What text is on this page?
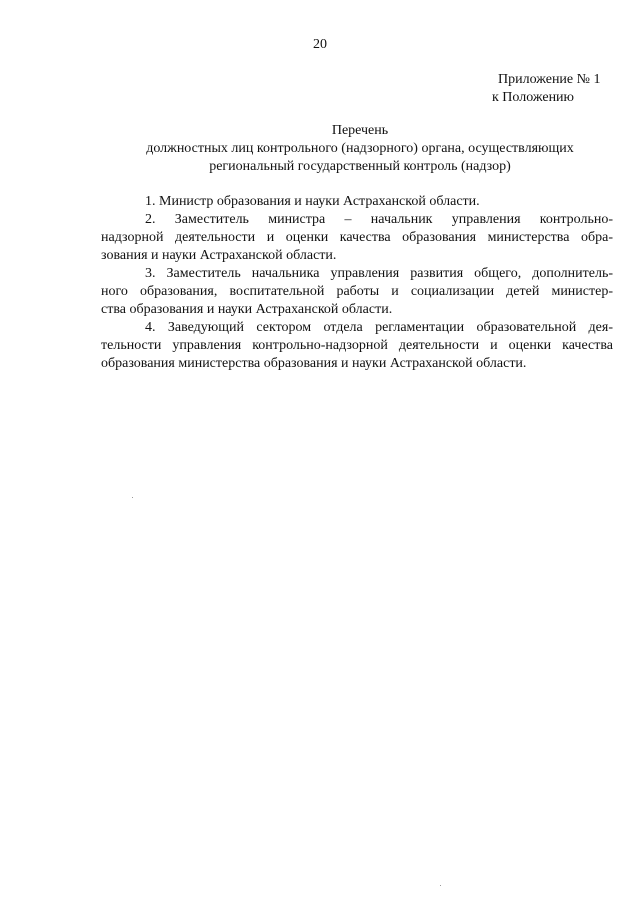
20
Приложение № 1
к Положению
Перечень
должностных лиц контрольного (надзорного) органа, осуществляющих
региональный государственный контроль (надзор)

1. Министр образования и науки Астраханской области.

2. Заместитель министра – начальник управления контрольно-
надзорной деятельности и оценки качества образования министерства обра-
зования и науки Астраханской области.

3. Заместитель начальника управления развития общего, дополнитель-
ного образования, воспитательной работы и социализации детей министер-
ства образования и науки Астраханской области.

4. Заведующий сектором отдела регламентации образовательной дея-
тельности управления контрольно-надзорной деятельности и оценки качества
образования министерства образования и науки Астраханской области.
